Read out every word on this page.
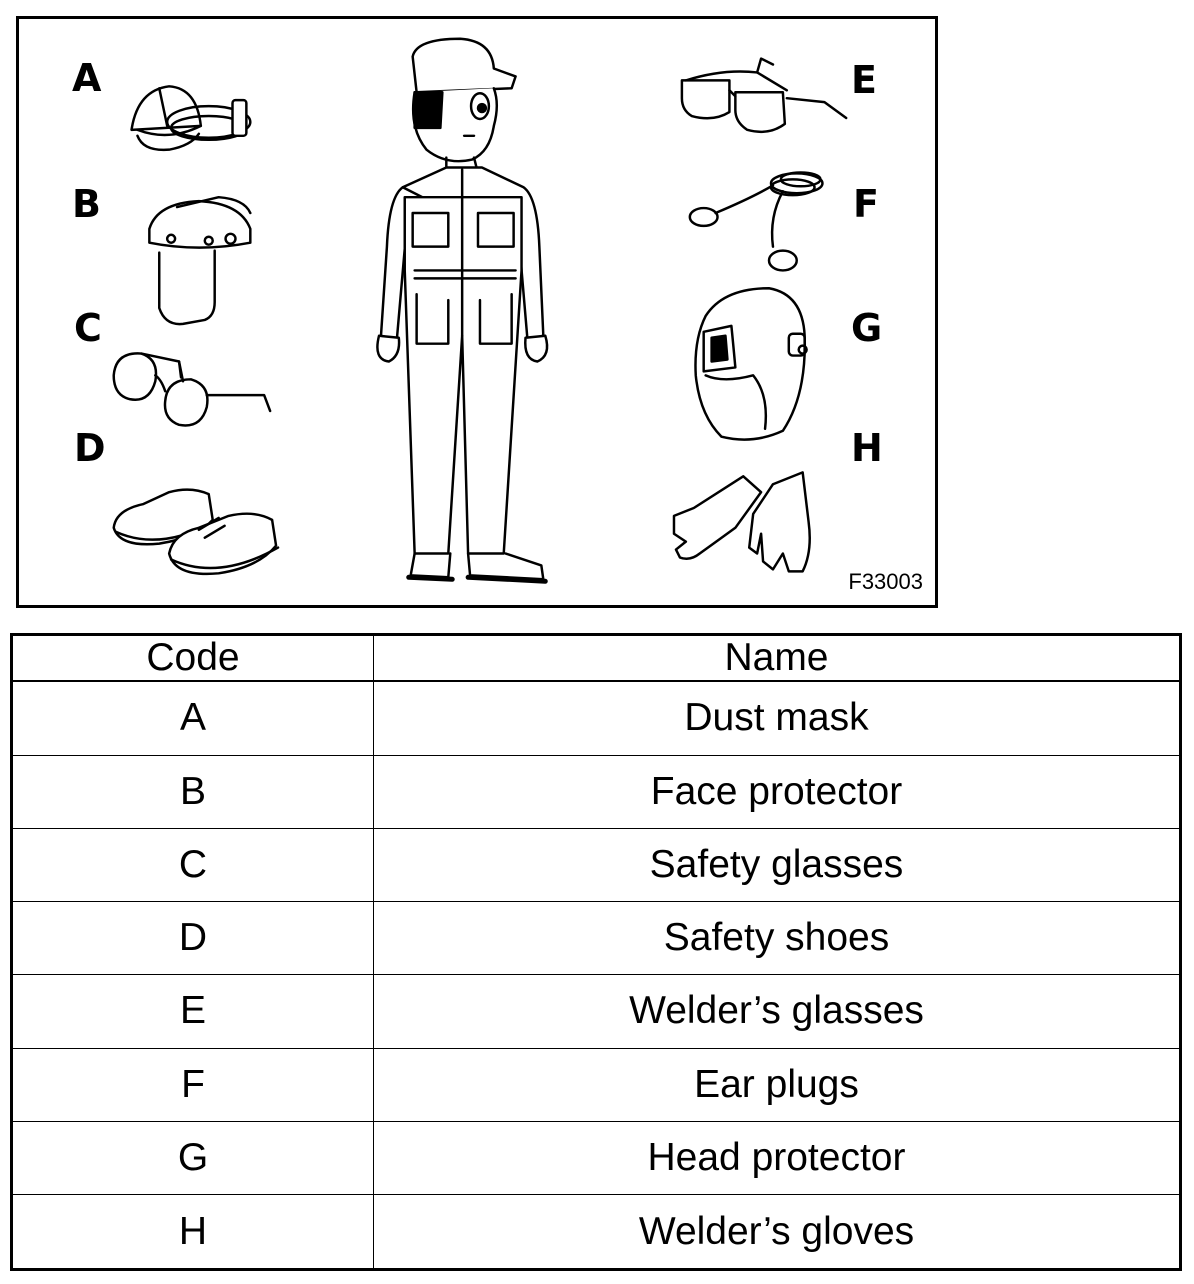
A
B
C
D
E
F
G
H
F33003
Code	Name
A	Dust mask
B	Face protector
C	Safety glasses
D	Safety shoes
E	Welder’s glasses
F	Ear plugs
G	Head protector
H	Welder’s gloves
